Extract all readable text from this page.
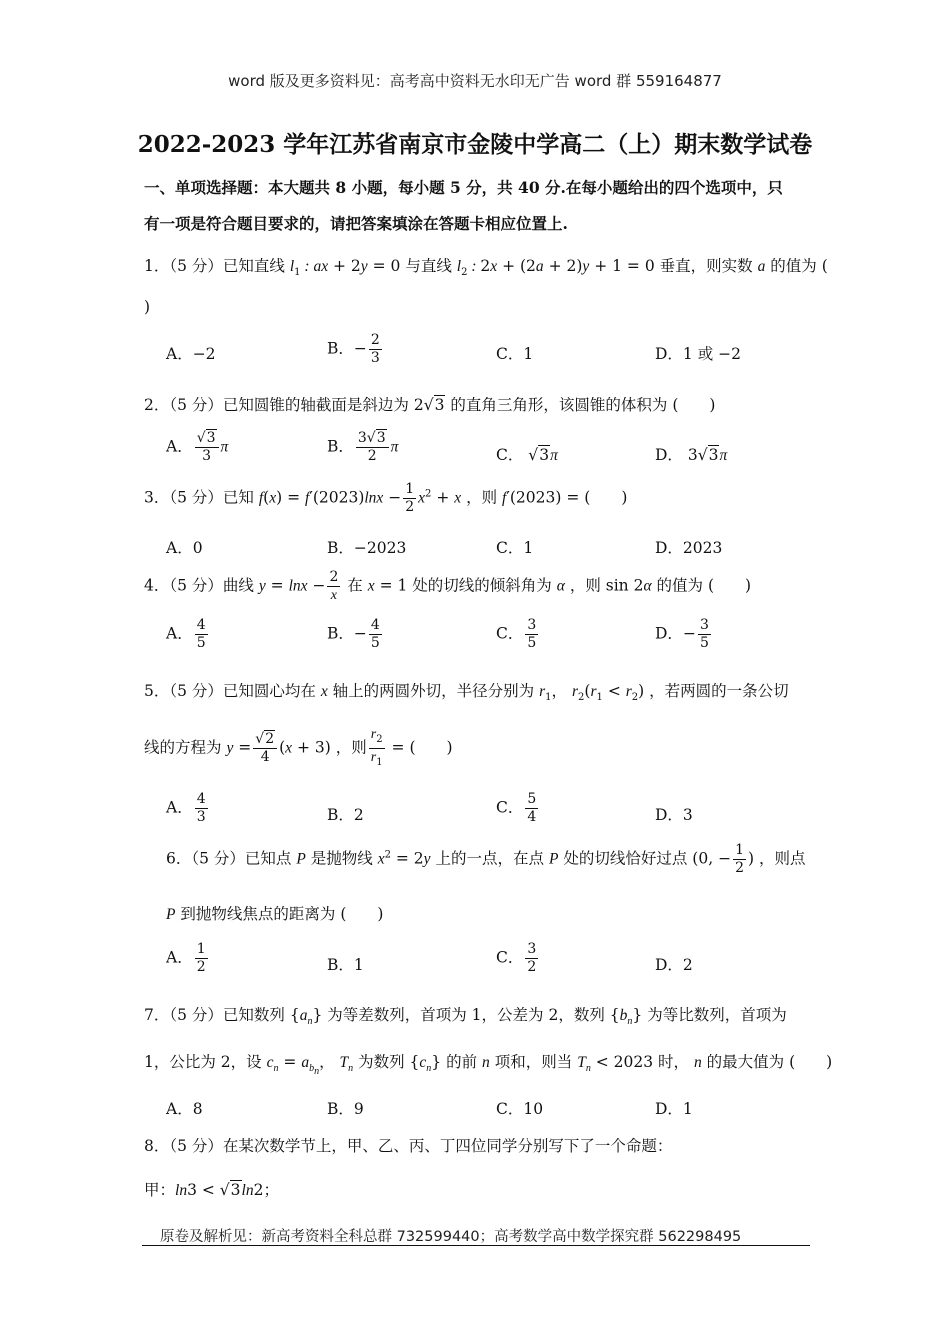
word 版及更多资料见：高考高中资料无水印无广告 word 群 559164877
2022-2023 学年江苏省南京市金陵中学高二（上）期末数学试卷
一、单项选择题：本大题共 8 小题，每小题 5 分，共 40 分.在每小题给出的四个选项中，只
有一项是符合题目要求的，请把答案填涂在答题卡相应位置上.
1．（5 分）已知直线 $l_1$ : ax + 2y = 0 与直线 $l_2$ : 2x + (2a + 2)y + 1 = 0 垂直，则实数 a 的值为 (
)
A．−2	B．− $\frac{2}{3}$	C．1	D．1 或 −2
2．（5 分）已知圆锥的轴截面是斜边为 2√3 的直角三角形，该圆锥的体积为 (　　)
A． $\frac{√3}{3}$ π	B． $\frac{3√3}{2}$ π	C． √3π	D． 3√3π
3．（5 分）已知 $f(x) = f'(2023)\ln x - \frac{1}{2} x^2 + x$ ，则 f′(2023) = (　　)
A．0	B．−2023	C．1	D．2023
4．（5 分）曲线 $y = \ln x - \frac{2}{x}$ 在 x = 1 处的切线的倾斜角为 α ，则 sin 2α 的值为 (　　)
A． $\frac{4}{5}$	B．− $\frac{4}{5}$	C． $\frac{3}{5}$	D．− $\frac{3}{5}$
5．（5 分）已知圆心均在 x 轴上的两圆外切，半径分别为 $r_1$， $r_2(r_1 < r_2)$ ，若两圆的一条公切
线的方程为 $y = \frac{√2}{4} (x + 3)$ ，则 $\frac{r_2}{r_1}$ = (　　)
A． $\frac{4}{3}$	B．2	C． $\frac{5}{4}$	D．3
6．（5 分）已知点 P 是抛物线 $x^2 = 2y$ 上的一点，在点 P 处的切线恰好过点 (0, − $\frac{1}{2}$ ) ，则点
P 到抛物线焦点的距离为 (　　)
A． $\frac{1}{2}$	B．1	C． $\frac{3}{2}$	D．2
7．（5 分）已知数列 $\{a_n\}$ 为等差数列，首项为 1，公差为 2，数列 $\{b_n\}$ 为等比数列，首项为
1，公比为 2，设 $c_n = a_{b_n}$， $T_n$ 为数列 $\{c_n\}$ 的前 n 项和，则当 $T_n < 2023$ 时， n 的最大值为 (　　)
A．8	B．9	C．10	D．1
8．（5 分）在某次数学节上，甲、乙、丙、丁四位同学分别写下了一个命题：
甲：ln3 < √3ln2；
原卷及解析见：新高考资料全科总群 732599440；高考数学高中数学探究群 562298495
